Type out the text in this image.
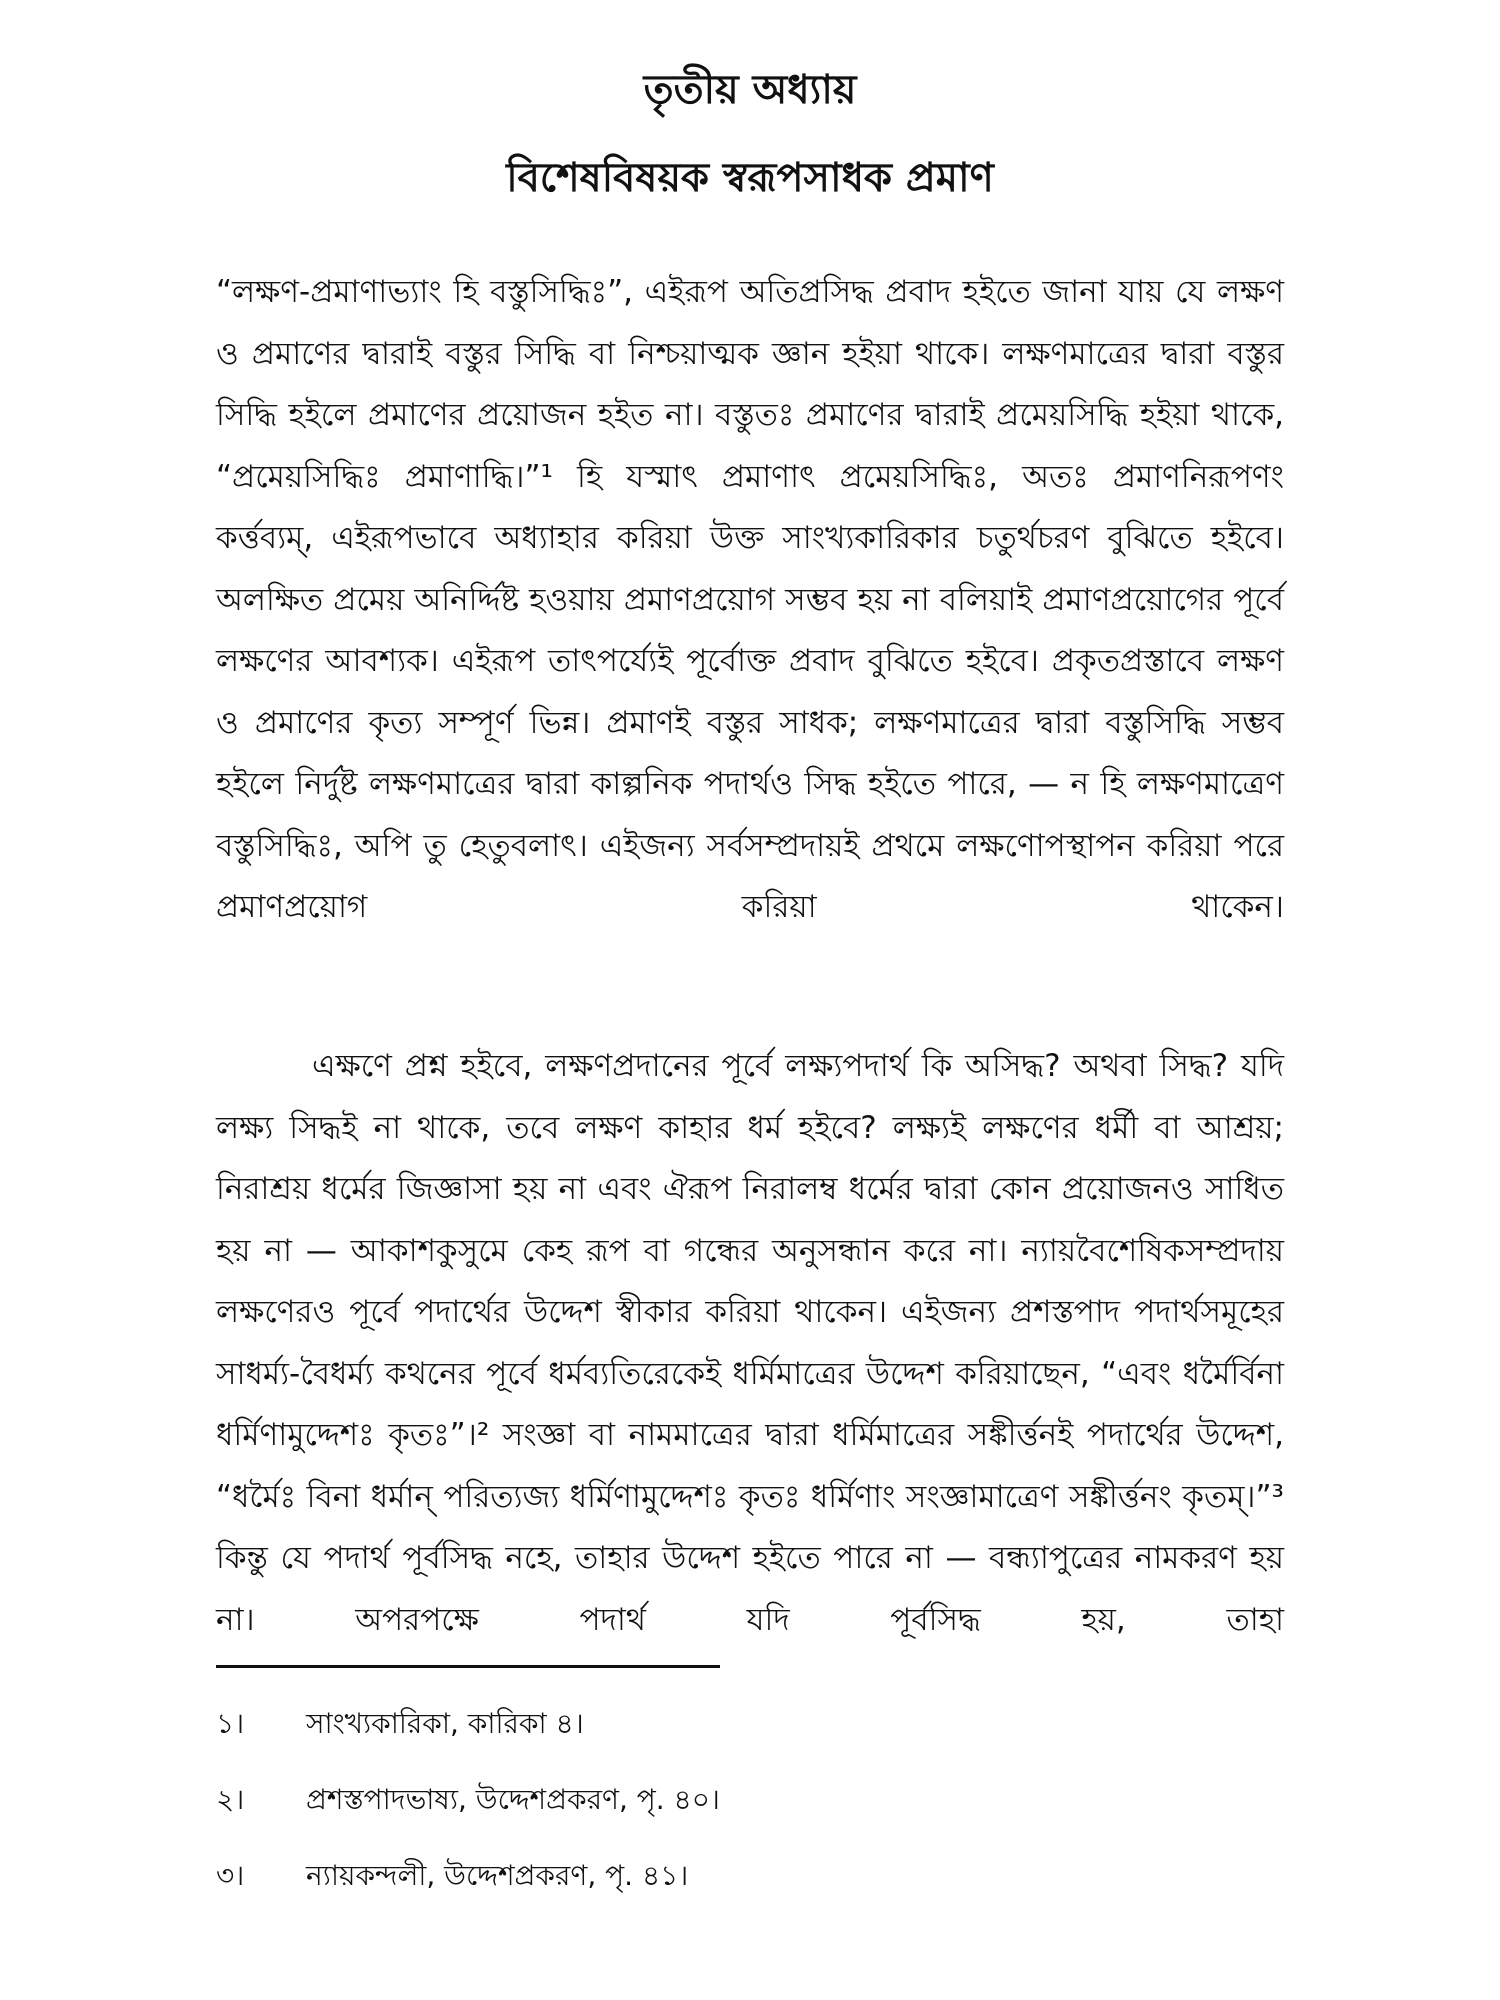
তৃতীয় অধ্যায়
বিশেষবিষয়ক স্বরূপসাধক প্রমাণ

“লক্ষণ-প্রমাণাভ্যাং হি বস্তুসিদ্ধিঃ”, এইরূপ অতিপ্রসিদ্ধ প্রবাদ হইতে জানা যায় যে লক্ষণ ও প্রমাণের দ্বারাই বস্তুর সিদ্ধি বা নিশ্চয়াত্মক জ্ঞান হইয়া থাকে। লক্ষণমাত্রের দ্বারা বস্তুর সিদ্ধি হইলে প্রমাণের প্রয়োজন হইত না। বস্তুতঃ প্রমাণের দ্বারাই প্রমেয়সিদ্ধি হইয়া থাকে, “প্রমেয়সিদ্ধিঃ প্রমাণাদ্ধি।”¹ হি যস্মাৎ প্রমাণাৎ প্রমেয়সিদ্ধিঃ, অতঃ প্রমাণনিরূপণং কর্ত্তব্যম্, এইরূপভাবে অধ্যাহার করিয়া উক্ত সাংখ্যকারিকার চতুর্থচরণ বুঝিতে হইবে। অলক্ষিত প্রমেয় অনির্দ্দিষ্ট হওয়ায় প্রমাণপ্রয়োগ সম্ভব হয় না বলিয়াই প্রমাণপ্রয়োগের পূর্বে লক্ষণের আবশ্যক। এইরূপ তাৎপর্য্যেই পূর্বোক্ত প্রবাদ বুঝিতে হইবে। প্রকৃতপ্রস্তাবে লক্ষণ ও প্রমাণের কৃত্য সম্পূর্ণ ভিন্ন। প্রমাণই বস্তুর সাধক; লক্ষণমাত্রের দ্বারা বস্তুসিদ্ধি সম্ভব হইলে নির্দুষ্ট লক্ষণমাত্রের দ্বারা কাল্পনিক পদার্থও সিদ্ধ হইতে পারে, — ন হি লক্ষণমাত্রেণ বস্তুসিদ্ধিঃ, অপি তু হেতুবলাৎ। এইজন্য সর্বসম্প্রদায়ই প্রথমে লক্ষণোপস্থাপন করিয়া পরে প্রমাণপ্রয়োগ করিয়া থাকেন।

এক্ষণে প্রশ্ন হইবে, লক্ষণপ্রদানের পূর্বে লক্ষ্যপদার্থ কি অসিদ্ধ? অথবা সিদ্ধ? যদি লক্ষ্য সিদ্ধই না থাকে, তবে লক্ষণ কাহার ধর্ম হইবে? লক্ষ্যই লক্ষণের ধর্মী বা আশ্রয়; নিরাশ্রয় ধর্মের জিজ্ঞাসা হয় না এবং ঐরূপ নিরালম্ব ধর্মের দ্বারা কোন প্রয়োজনও সাধিত হয় না — আকাশকুসুমে কেহ রূপ বা গন্ধের অনুসন্ধান করে না। ন্যায়বৈশেষিকসম্প্রদায় লক্ষণেরও পূর্বে পদার্থের উদ্দেশ স্বীকার করিয়া থাকেন। এইজন্য প্রশস্তপাদ পদার্থসমূহের সাধর্ম্য-বৈধর্ম্য কথনের পূর্বে ধর্মব্যতিরেকেই ধর্মিমাত্রের উদ্দেশ করিয়াছেন, “এবং ধর্মৈর্বিনা ধর্মিণামুদ্দেশঃ কৃতঃ”।² সংজ্ঞা বা নামমাত্রের দ্বারা ধর্মিমাত্রের সঙ্কীর্ত্তনই পদার্থের উদ্দেশ, “ধর্মৈঃ বিনা ধর্মান্ পরিত্যজ্য ধর্মিণামুদ্দেশঃ কৃতঃ ধর্মিণাং সংজ্ঞামাত্রেণ সঙ্কীর্ত্তনং কৃতম্।”³ কিন্তু যে পদার্থ পূর্বসিদ্ধ নহে, তাহার উদ্দেশ হইতে পারে না — বন্ধ্যাপুত্রের নামকরণ হয় না। অপরপক্ষে পদার্থ যদি পূর্বসিদ্ধ হয়, তাহা

১।	সাংখ্যকারিকা, কারিকা ৪।
২।	প্রশস্তপাদভাষ্য, উদ্দেশপ্রকরণ, পৃ. ৪০।
৩।	ন্যায়কন্দলী, উদ্দেশপ্রকরণ, পৃ. ৪১।
